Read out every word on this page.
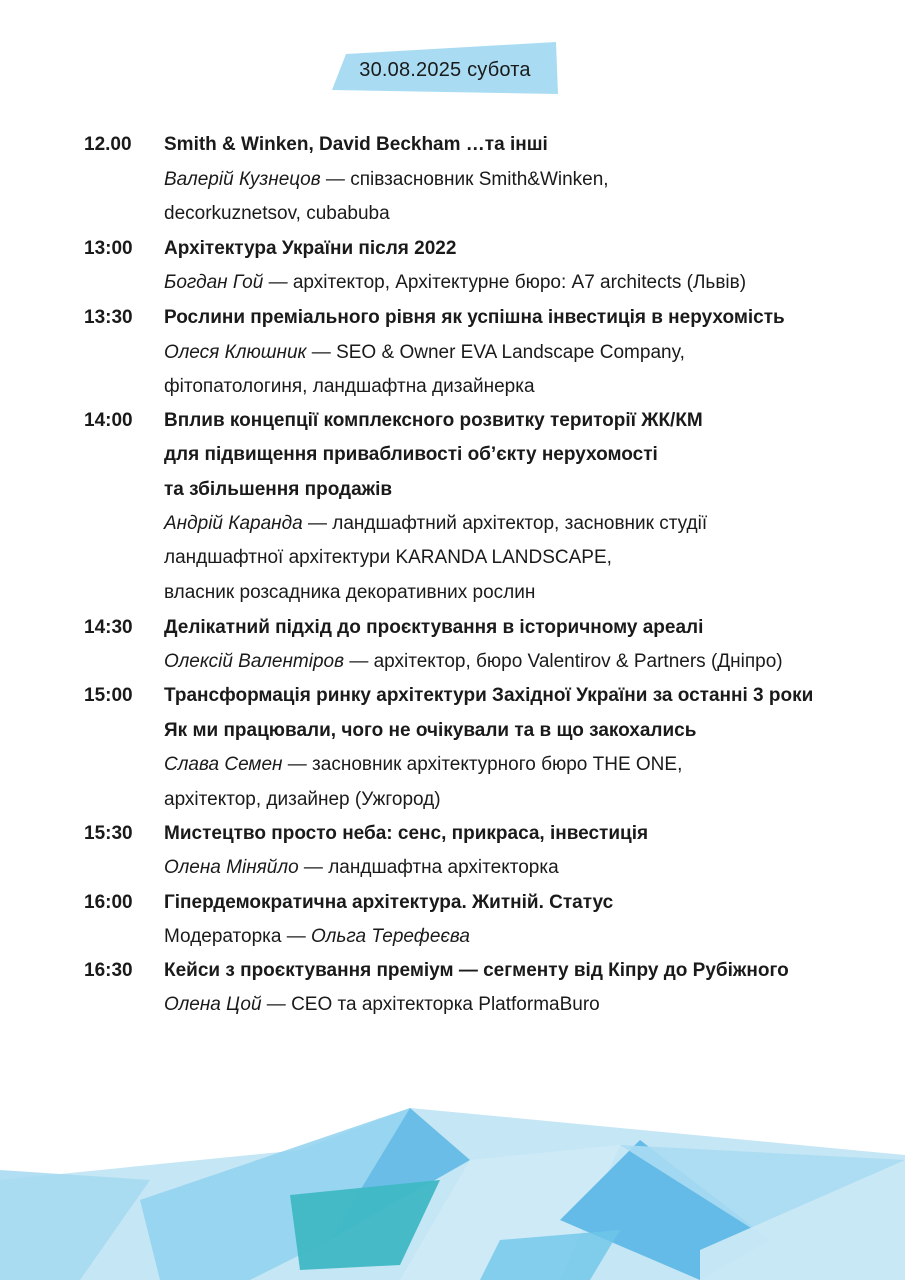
30.08.2025 субота
12.00 Smith & Winken, David Beckham …та інші
Валерій Кузнецов — співзасновник Smith&Winken,
decorkuznetsov, cubabuba
13:00 Архітектура України після 2022
Богдан Гой — архітектор, Архітектурне бюро: A7 architects (Львів)
13:30 Рослини преміального рівня як успішна інвестиція в нерухомість
Олеся Клюшник — SEO & Owner EVA Landscape Company,
фітопатологиня, ландшафтна дизайнерка
14:00 Вплив концепції комплексного розвитку території ЖК/КМ
для підвищення привабливості об’єкту нерухомості
та збільшення продажів
Андрій Каранда — ландшафтний архітектор, засновник студії
ландшафтної архітектури KARANDA LANDSCAPE,
власник розсадника декоративних рослин
14:30 Делікатний підхід до проєктування в історичному ареалі
Олексій Валентіров — архітектор, бюро Valentirov & Partners (Дніпро)
15:00 Трансформація ринку архітектури Західної України за останні 3 роки
Як ми працювали, чого не очікували та в що закохались
Слава Семен — засновник архітектурного бюро THE ONE,
архітектор, дизайнер (Ужгород)
15:30 Мистецтво просто неба: сенс, прикраса, інвестиція
Олена Міняйло — ландшафтна архітекторка
16:00 Гіпердемократична архітектура. Житній. Статус
Модераторка — Ольга Терефеєва
16:30 Кейси з проєктування преміум — сегменту від Кіпру до Рубіжного
Олена Цой — CEO та архітекторка PlatformaBuro
